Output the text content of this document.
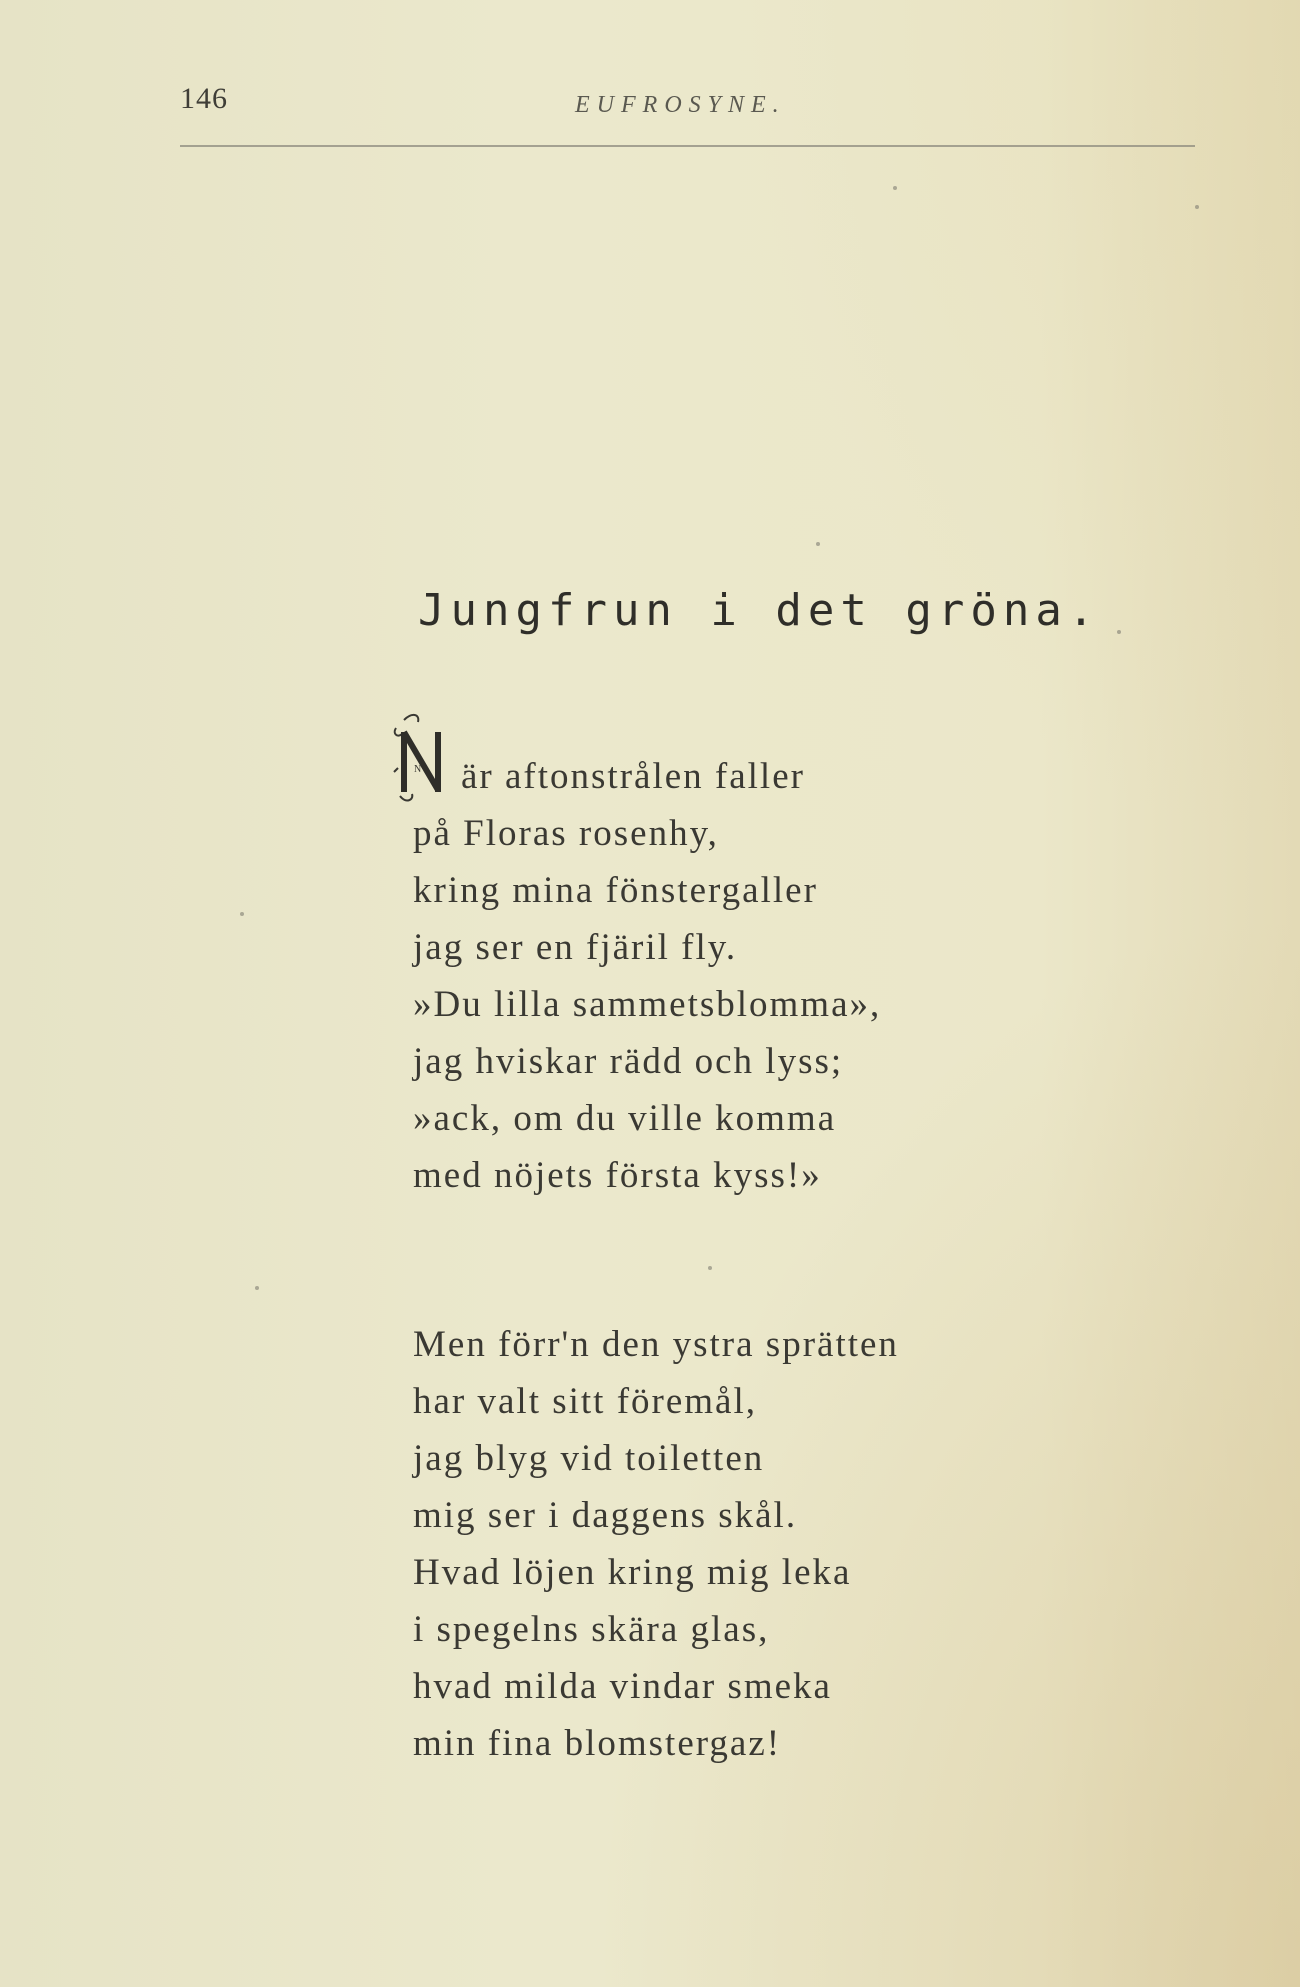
146	EUFROSYNE.
Jungfrun i det gröna.
N	är aftonstrålen faller
på Floras rosenhy,
kring mina fönstergaller
jag ser en fjäril fly.
»Du lilla sammetsblomma»,
jag hviskar rädd och lyss;
»ack, om du ville komma
med nöjets första kyss!»
Men förr'n den ystra sprätten
har valt sitt föremål,
jag blyg vid toiletten
mig ser i daggens skål.
Hvad löjen kring mig leka
i spegelns skära glas,
hvad milda vindar smeka
min fina blomstergaz!
